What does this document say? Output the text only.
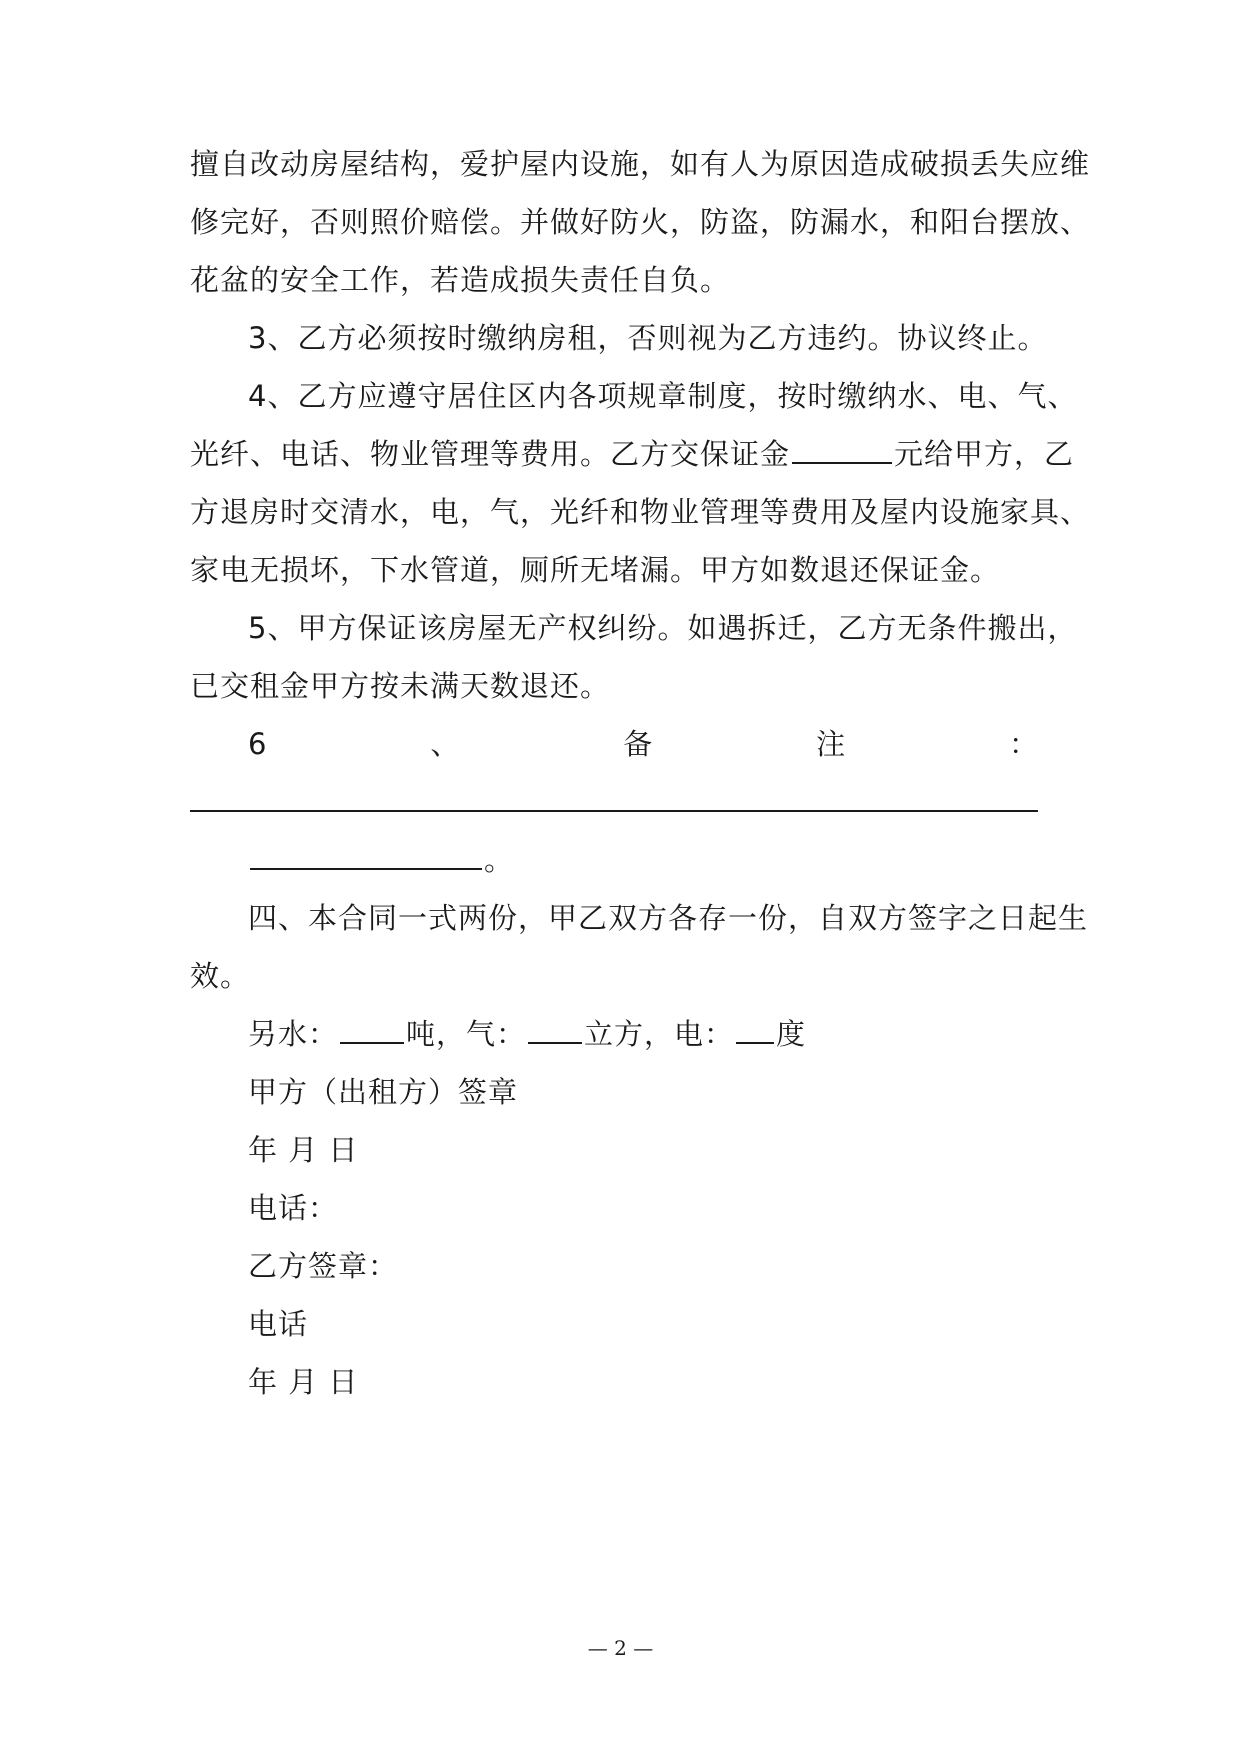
擅自改动房屋结构，爱护屋内设施，如有人为原因造成破损丢失应维
修完好，否则照价赔偿。并做好防火，防盗，防漏水，和阳台摆放、
花盆的安全工作，若造成损失责任自负。
3、乙方必须按时缴纳房租，否则视为乙方违约。协议终止。
4、乙方应遵守居住区内各项规章制度，按时缴纳水、电、气、
光纤、电话、物业管理等费用。乙方交保证金	元给甲方，乙
方退房时交清水，电，气，光纤和物业管理等费用及屋内设施家具、
家电无损坏，下水管道，厕所无堵漏。甲方如数退还保证金。
5、甲方保证该房屋无产权纠纷。如遇拆迁，乙方无条件搬出，
已交租金甲方按未满天数退还。
6	、	备	注	：
。
四、本合同一式两份，甲乙双方各存一份，自双方签字之日起生
效。
另水： 吨，气： 立方，电： 度
甲方（出租方）签章
年 月 日
电话：
乙方签章：
电话
年 月 日
— 2 —
